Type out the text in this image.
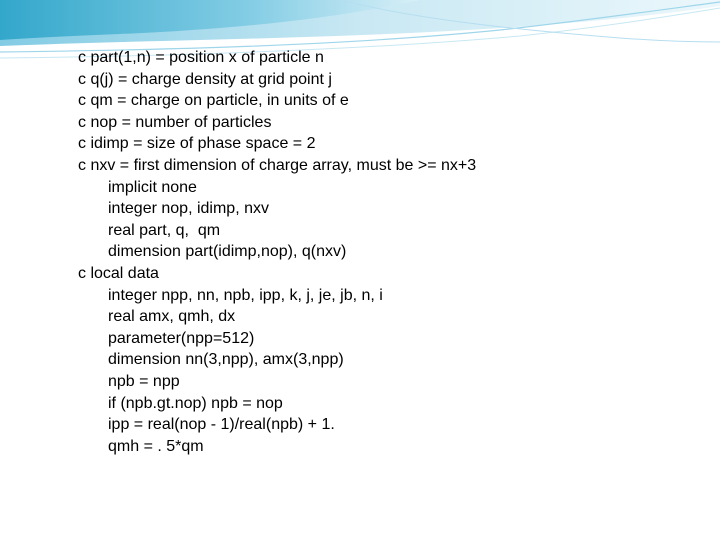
c part(1,n) = position x of particle n
c q(j) = charge density at grid point j
c qm = charge on particle, in units of e
c nop = number of particles
c idimp = size of phase space = 2
c nxv = first dimension of charge array, must be >= nx+3
implicit none
integer nop, idimp, nxv
real part, q,  qm
dimension part(idimp,nop), q(nxv)
c local data
integer npp, nn, npb, ipp, k, j, je, jb, n, i
real amx, qmh, dx
parameter(npp=512)
dimension nn(3,npp), amx(3,npp)
npb = npp
if (npb.gt.nop) npb = nop
ipp = real(nop - 1)/real(npb) + 1.
qmh = . 5*qm
